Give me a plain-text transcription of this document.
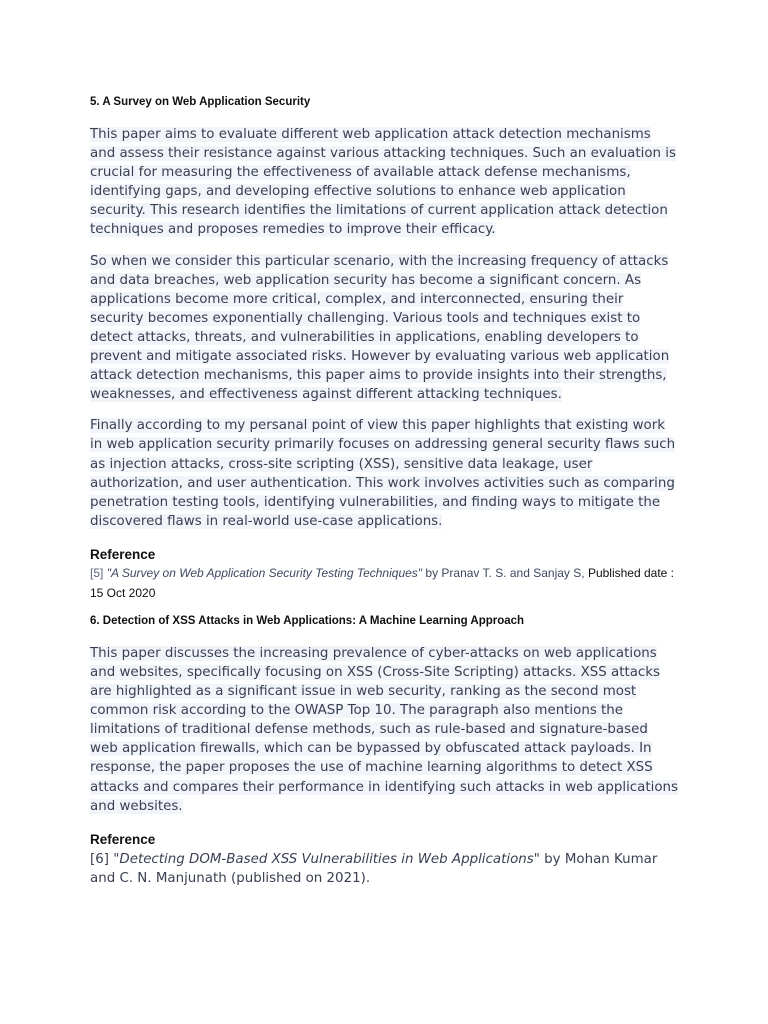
5. A Survey on Web Application Security

This paper aims to evaluate different web application attack detection mechanisms and assess their resistance against various attacking techniques. Such an evaluation is crucial for measuring the effectiveness of available attack defense mechanisms, identifying gaps, and developing effective solutions to enhance web application security. This research identifies the limitations of current application attack detection techniques and proposes remedies to improve their efficacy.

So when we consider this particular scenario, with the increasing frequency of attacks and data breaches, web application security has become a significant concern. As applications become more critical, complex, and interconnected, ensuring their security becomes exponentially challenging. Various tools and techniques exist to detect attacks, threats, and vulnerabilities in applications, enabling developers to prevent and mitigate associated risks. However by evaluating various web application attack detection mechanisms, this paper aims to provide insights into their strengths, weaknesses, and effectiveness against different attacking techniques.

Finally according to my persanal point of view this paper highlights that existing work in web application security primarily focuses on addressing general security flaws such as injection attacks, cross-site scripting (XSS), sensitive data leakage, user authorization, and user authentication. This work involves activities such as comparing penetration testing tools, identifying vulnerabilities, and finding ways to mitigate the discovered flaws in real-world use-case applications.

Reference

[5] "A Survey on Web Application Security Testing Techniques" by Pranav T. S. and Sanjay S, Published date : 15 Oct 2020

6. Detection of XSS Attacks in Web Applications: A Machine Learning Approach

This paper discusses the increasing prevalence of cyber-attacks on web applications and websites, specifically focusing on XSS (Cross-Site Scripting) attacks. XSS attacks are highlighted as a significant issue in web security, ranking as the second most common risk according to the OWASP Top 10. The paragraph also mentions the limitations of traditional defense methods, such as rule-based and signature-based web application firewalls, which can be bypassed by obfuscated attack payloads. In response, the paper proposes the use of machine learning algorithms to detect XSS attacks and compares their performance in identifying such attacks in web applications and websites.

Reference

[6] "Detecting DOM-Based XSS Vulnerabilities in Web Applications" by Mohan Kumar and C. N. Manjunath (published on 2021).
